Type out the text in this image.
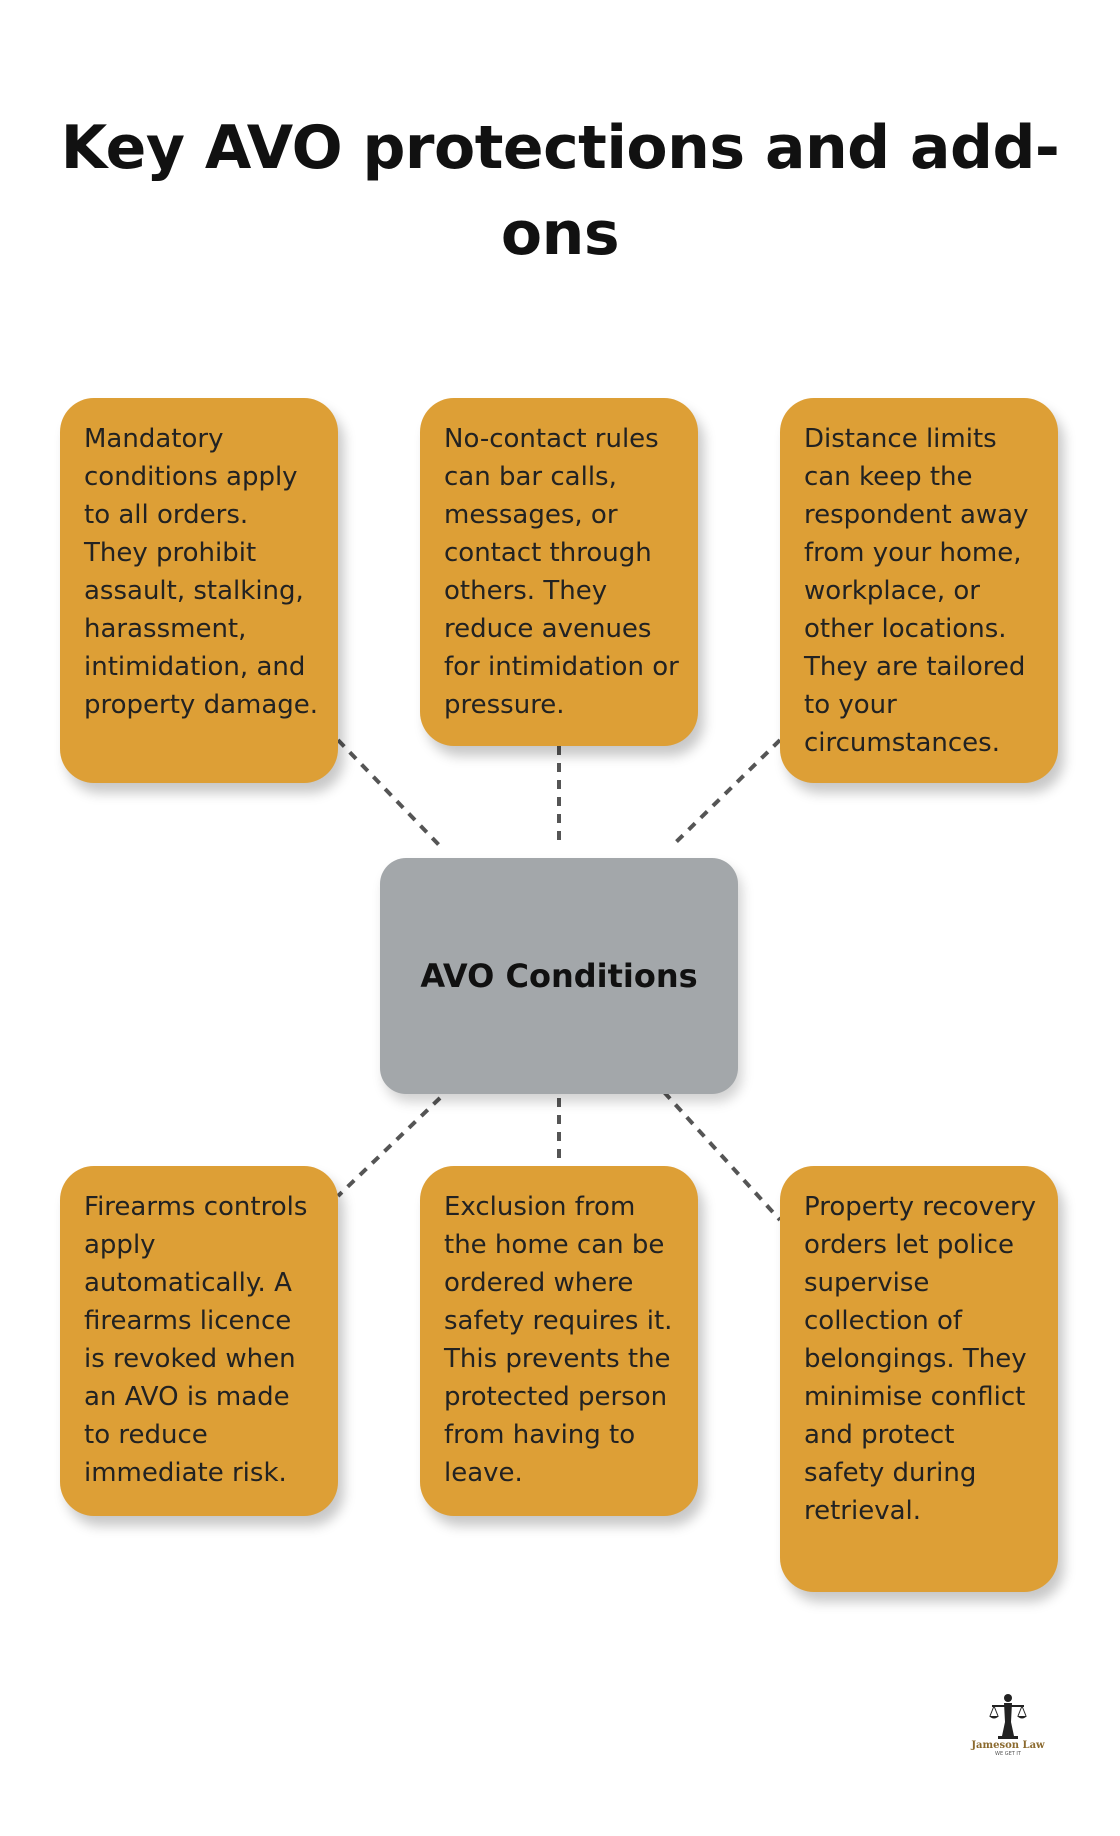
Key AVO protections and add-ons
Mandatory conditions apply to all orders. They prohibit assault, stalking, harassment, intimidation, and property damage.
No-contact rules can bar calls, messages, or contact through others. They reduce avenues for intimidation or pressure.
Distance limits can keep the respondent away from your home, workplace, or other locations. They are tailored to your circumstances.
AVO Conditions
Firearms controls apply automatically. A firearms licence is revoked when an AVO is made to reduce immediate risk.
Exclusion from the home can be ordered where safety requires it. This prevents the protected person from having to leave.
Property recovery orders let police supervise collection of belongings. They minimise conflict and protect safety during retrieval.
Jameson Law
WE GET IT
